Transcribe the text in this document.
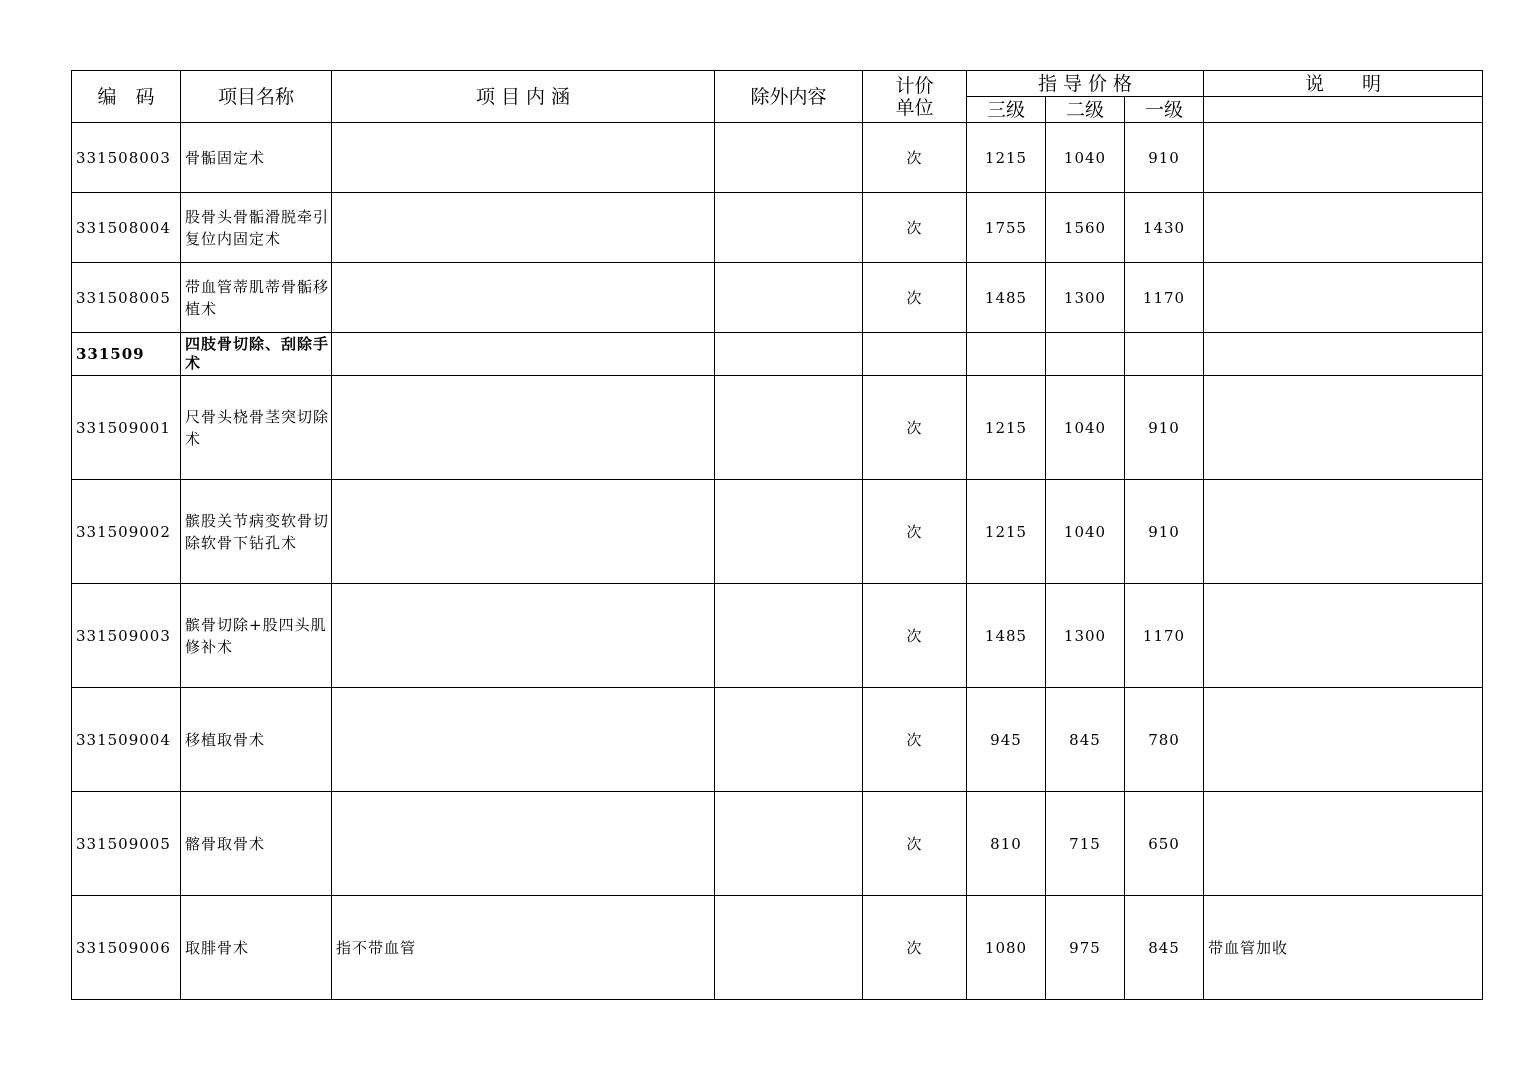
编　码	项目名称	项 目 内 涵	除外内容	计价单位	指 导 价 格			说　　明
					三级	二级	一级	
331508003	骨骺固定术			次	1215	1040	910	
331508004	股骨头骨骺滑脱牵引复位内固定术			次	1755	1560	1430	
331508005	带血管蒂肌蒂骨骺移植术			次	1485	1300	1170	
331509	四肢骨切除、刮除手术							
331509001	尺骨头桡骨茎突切除术			次	1215	1040	910	
331509002	髌股关节病变软骨切除软骨下钻孔术			次	1215	1040	910	
331509003	髌骨切除+股四头肌修补术			次	1485	1300	1170	
331509004	移植取骨术			次	945	845	780	
331509005	髂骨取骨术			次	810	715	650	
331509006	取腓骨术	指不带血管		次	1080	975	845	带血管加收
